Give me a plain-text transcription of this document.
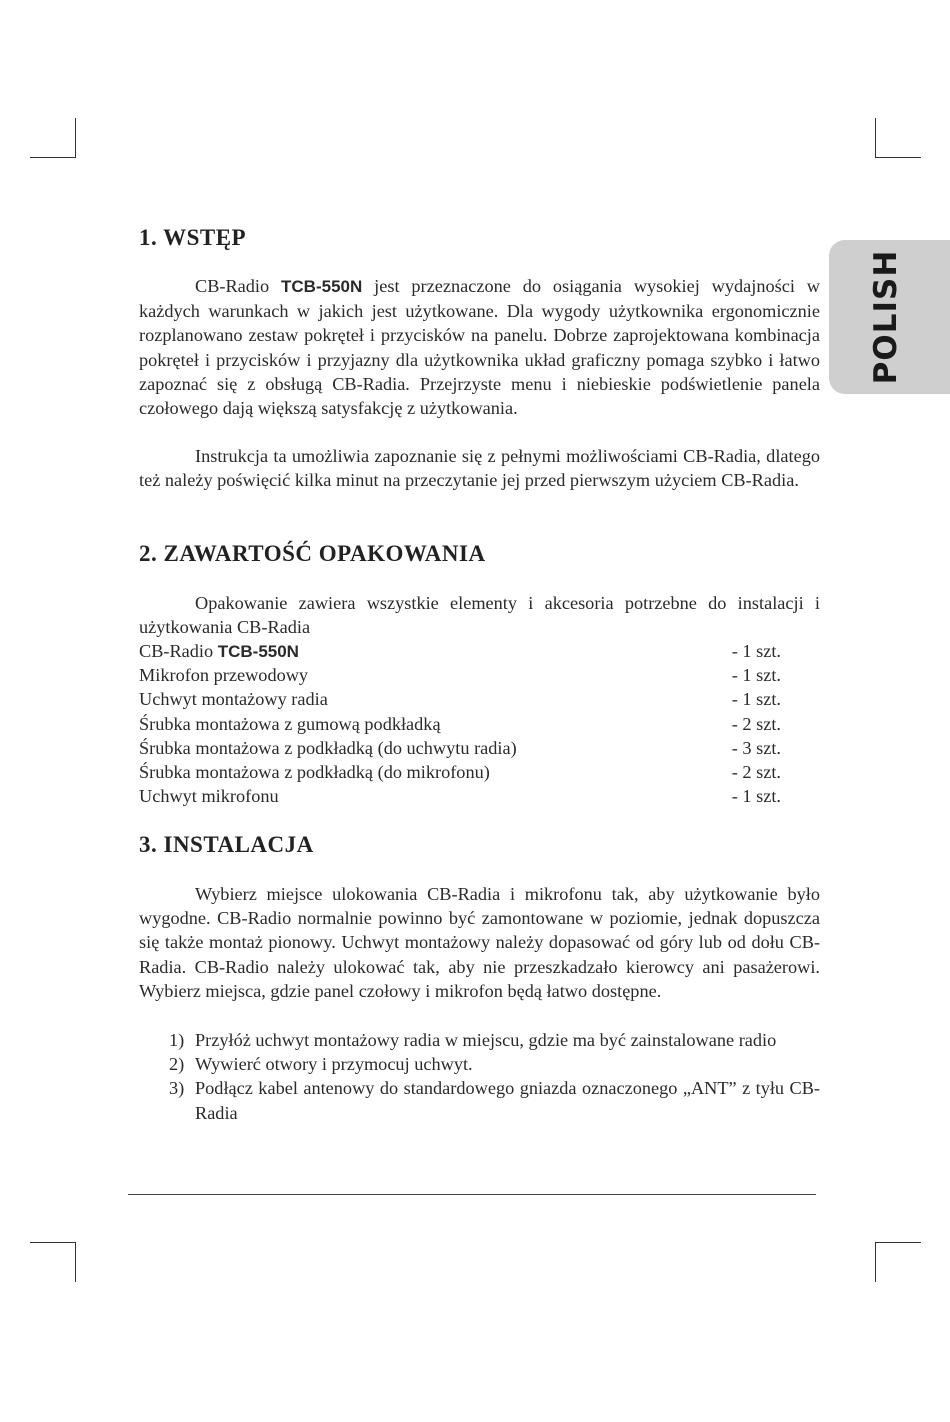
POLISH
1. WSTĘP

CB-Radio TCB-550N jest przeznaczone do osiągania wysokiej wydajności w każdych warunkach w jakich jest użytkowane. Dla wygody użytkownika ergonomicznie rozplanowano zestaw pokręteł i przycisków na panelu. Dobrze zaprojektowana kombinacja pokręteł i przycisków i przyjazny dla użytkownika układ graficzny pomaga szybko i łatwo zapoznać się z obsługą CB-Radia. Przejrzyste menu i niebieskie podświetlenie panela czołowego dają większą satysfakcję z użytkowania.

Instrukcja ta umożliwia zapoznanie się z pełnymi możliwościami CB-Radia, dlatego też należy poświęcić kilka minut na przeczytanie jej przed pierwszym użyciem CB-Radia.

2. ZAWARTOŚĆ OPAKOWANIA

Opakowanie zawiera wszystkie elementy i akcesoria potrzebne do instalacji i użytkowania CB-Radia

CB-Radio TCB-550N	- 1 szt.
Mikrofon przewodowy	- 1 szt.
Uchwyt montażowy radia	- 1 szt.
Śrubka montażowa z gumową podkładką	- 2 szt.
Śrubka montażowa z podkładką (do uchwytu radia)	- 3 szt.
Śrubka montażowa z podkładką (do mikrofonu)	- 2 szt.
Uchwyt mikrofonu	- 1 szt.
3. INSTALACJA

Wybierz miejsce ulokowania CB-Radia i mikrofonu tak, aby użytkowanie było wygodne. CB-Radio normalnie powinno być zamontowane w poziomie, jednak dopuszcza się także montaż pionowy. Uchwyt montażowy należy dopasować od góry lub od dołu CB-Radia. CB-Radio należy ulokować tak, aby nie przeszkadzało kierowcy ani pasażerowi. Wybierz miejsca, gdzie panel czołowy i mikrofon będą łatwo dostępne.

1) Przyłóż uchwyt montażowy radia w miejscu, gdzie ma być zainstalowane radio
2) Wywierć otwory i przymocuj uchwyt.
3) Podłącz kabel antenowy do standardowego gniazda oznaczonego „ANT” z tyłu CB-Radia
